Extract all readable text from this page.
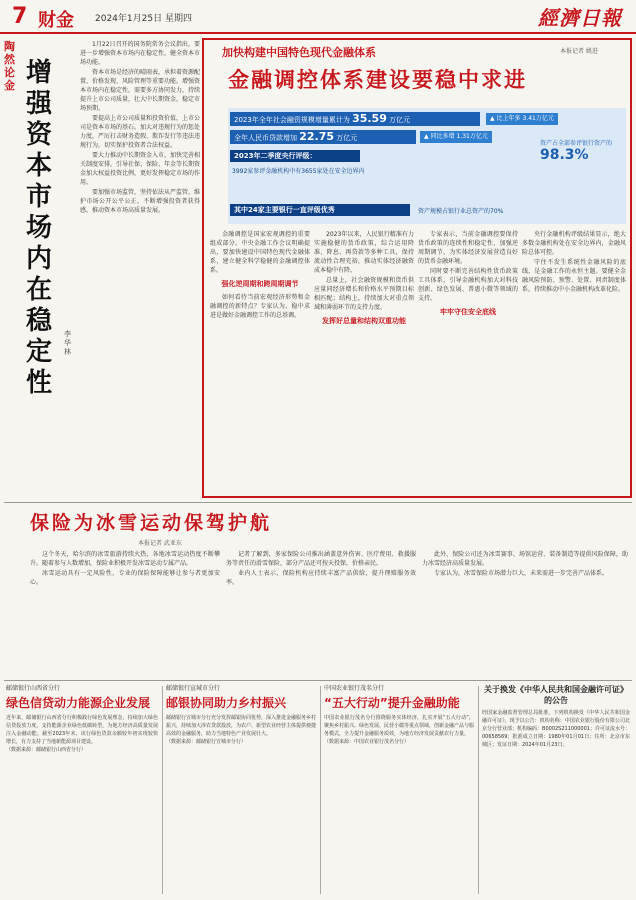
7 财金 2024年1月25日 星期四	經濟日報
陶然论金 增强资本市场内在稳定性
李华林

1月22日召开的国务院常务会议指出，要进一步增强资本市场内在稳定性，健全资本市场功能。

资本市场是经济的晴雨表，承担着资源配置、价格发现、风险管理等重要功能。增强资本市场内在稳定性，需要多方协同发力，持续提升上市公司质量，壮大中长期资金，稳定市场预期。

要提高上市公司质量和投资价值，上市公司是资本市场的基石。加大对违规行为的惩处力度，严厉打击财务造假、欺诈发行等违法违规行为，切实保护投资者合法权益。

要大力推动中长期资金入市，加快完善相关制度安排，引导社保、保险、年金等长期资金加大权益投资比例，更好发挥稳定市场的作用。

要加强市场监管，坚持依法从严监管，维护市场公开公平公正，不断增强投资者获得感，推动资本市场高质量发展。

加快构建中国特色现代金融体系	本报记者 姚进
金融调控体系建设要稳中求进
2023年全年社会融资规模增量累计为 35.59 万亿元	▲ 比上年多 3.41万亿元
全年人民币贷款增加 22.75 万亿元	▲ 同比多增 1.31万亿元
2023年二季度央行评级：
3992家参评金融机构中有3655家处在安全边界内
资产占全部参评银行资产的
98.3%
其中24家主要银行一直评级优秀	资产规模占银行业总资产的70%

金融调控是国家宏观调控的重要组成部分。中央金融工作会议明确提出，要加快建设中国特色现代金融体系，建立健全科学稳健的金融调控体系。

强化逆周期和跨周期调节

如何看待当前宏观经济形势和金融调控的新特点？专家认为，稳中求进是做好金融调控工作的总基调。

2023年以来，人民银行精准有力实施稳健的货币政策，综合运用降准、降息、再贷款等多种工具，保持流动性合理充裕，推动实体经济融资成本稳中有降。

总量上，社会融资规模和货币供应量同经济增长和价格水平预期目标相匹配；结构上，持续加大对重点领域和薄弱环节的支持力度。

发挥好总量和结构双重功能

专家表示，当前金融调控要保持货币政策的连续性和稳定性，加强逆周期调节，为实体经济发展营造良好的货币金融环境。

同时要不断完善结构性货币政策工具体系，引导金融机构加大对科技创新、绿色发展、普惠小微等领域的支持。

牢牢守住安全底线

央行金融机构评级结果显示，绝大多数金融机构处在安全边界内，金融风险总体可控。

守住不发生系统性金融风险的底线，是金融工作的永恒主题。要健全金融风险预防、预警、处置、问责制度体系，持续推动中小金融机构改革化险。

保险为冰雪运动保驾护航
本报记者 武亚东

这个冬天，哈尔滨的冰雪旅游持续火热，各地冰雪运动热度不断攀升。随着参与人数增加，保险业积极开发冰雪运动专属产品。

冰雪运动具有一定风险性，专业的保险保障能够让参与者更加安心。

记者了解到，多家保险公司推出涵盖意外伤害、医疗费用、救援服务等责任的滑雪保险，部分产品还可按天投保，价格亲民。

业内人士表示，保险机构应持续丰富产品供给，提升理赔服务效率。

此外，保险公司还为冰雪赛事、场馆运营、装备制造等提供风险保障，助力冰雪经济高质量发展。

专家认为，冰雪保险市场潜力巨大，未来需进一步完善产品体系。

邮储银行山西省分行
绿色信贷动力能源企业发展
近年来，邮储银行山西省分行积极践行绿色发展理念，持续加大绿色信贷投放力度，支持能源企业绿色低碳转型，为地方经济高质量发展注入金融动能。截至2023年末，该行绿色贷款余额较年初实现较快增长，有力支持了当地新能源项目建设。
（数据来源：邮储银行山西省分行）
邮储银行宣城市分行
邮银协同助力乡村振兴
邮储银行宣城市分行充分发挥邮银协同优势，深入推进金融服务乡村振兴，持续加大涉农贷款投放，为农户、新型农业经营主体提供便捷高效的金融服务，助力当地特色产业发展壮大。
（数据来源：邮储银行宣城市分行）
中国农业银行茂名分行
“五大行动”提升金融助能
中国农业银行茂名分行围绕服务实体经济，扎实开展“五大行动”，聚焦乡村振兴、绿色发展、民营小微等重点领域，创新金融产品与服务模式，全力提升金融服务质效，为地方经济发展贡献农行力量。
（数据来源：中国农业银行茂名分行）
关于换发《中华人民共和国金融许可证》的公告
经国家金融监督管理总局批准，下列机构换发《中华人民共和国金融许可证》，现予以公告：机构名称：中国农业银行股份有限公司北京分行营业部；机构编码：B0002S211000001；许可证流水号：00658569；批准成立日期：1980年01月01日；住所：北京市东城区；发证日期：2024年01月23日。
